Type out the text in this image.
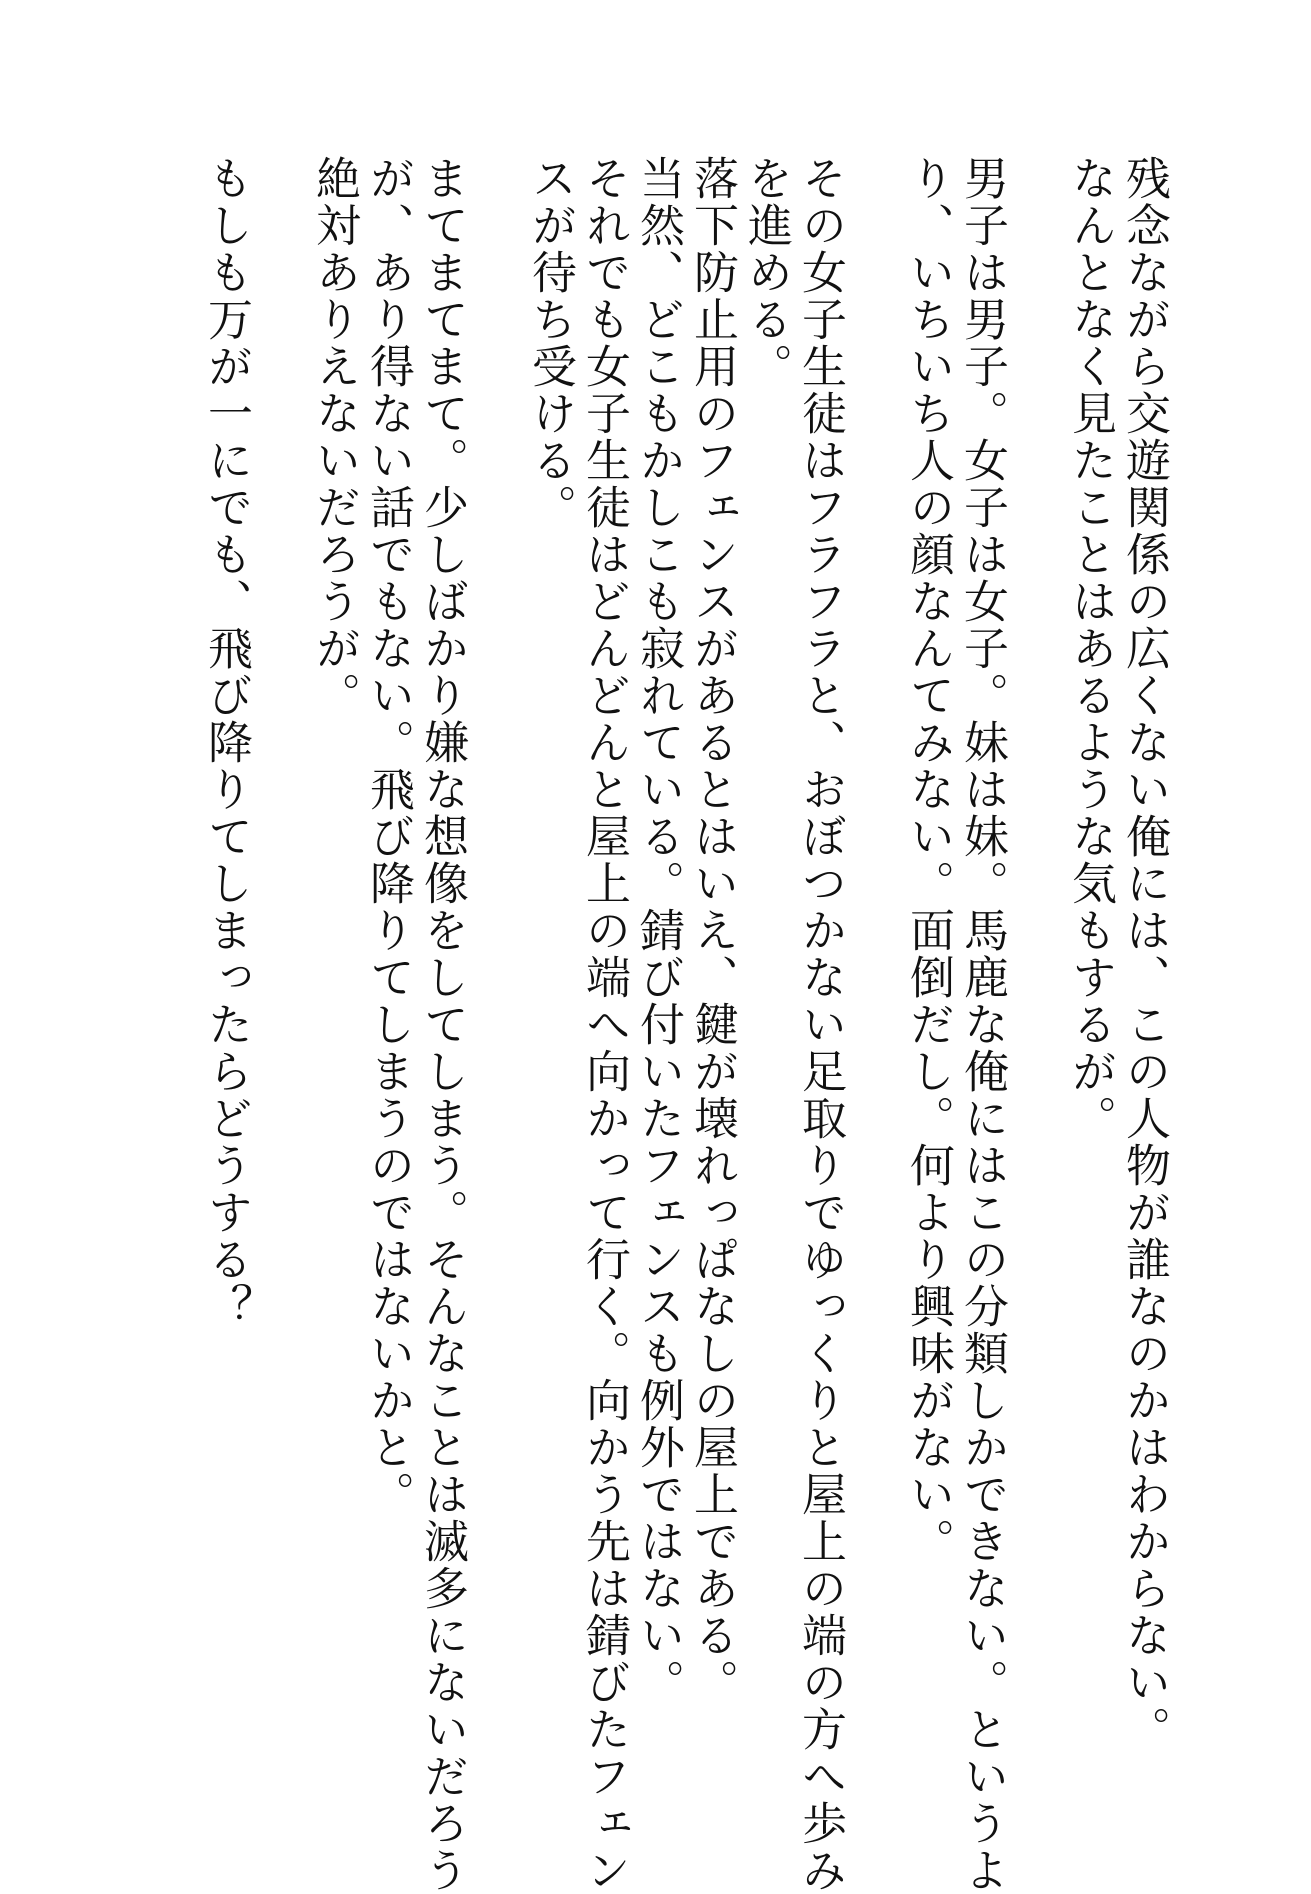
残念ながら交遊関係の広くない俺には、この人物が誰なのかはわからない。
なんとなく見たことはあるような気もするが。
男子は男子。女子は女子。妹は妹。馬鹿な俺にはこの分類しかできない。というよ
り、いちいち人の顔なんてみない。面倒だし。何より興味がない。
その女子生徒はフラフラと、おぼつかない足取りでゆっくりと屋上の端の方へ歩み
を進める。
落下防止用のフェンスがあるとはいえ、鍵が壊れっぱなしの屋上である。
当然、どこもかしこも寂れている。錆び付いたフェンスも例外ではない。
それでも女子生徒はどんどんと屋上の端へ向かって行く。向かう先は錆びたフェン
スが待ち受ける。
まてまてまて。少しばかり嫌な想像をしてしまう。そんなことは滅多にないだろう
が、あり得ない話でもない。飛び降りてしまうのではないかと。
絶対ありえないだろうが。
もしも万が一にでも、飛び降りてしまったらどうする？
